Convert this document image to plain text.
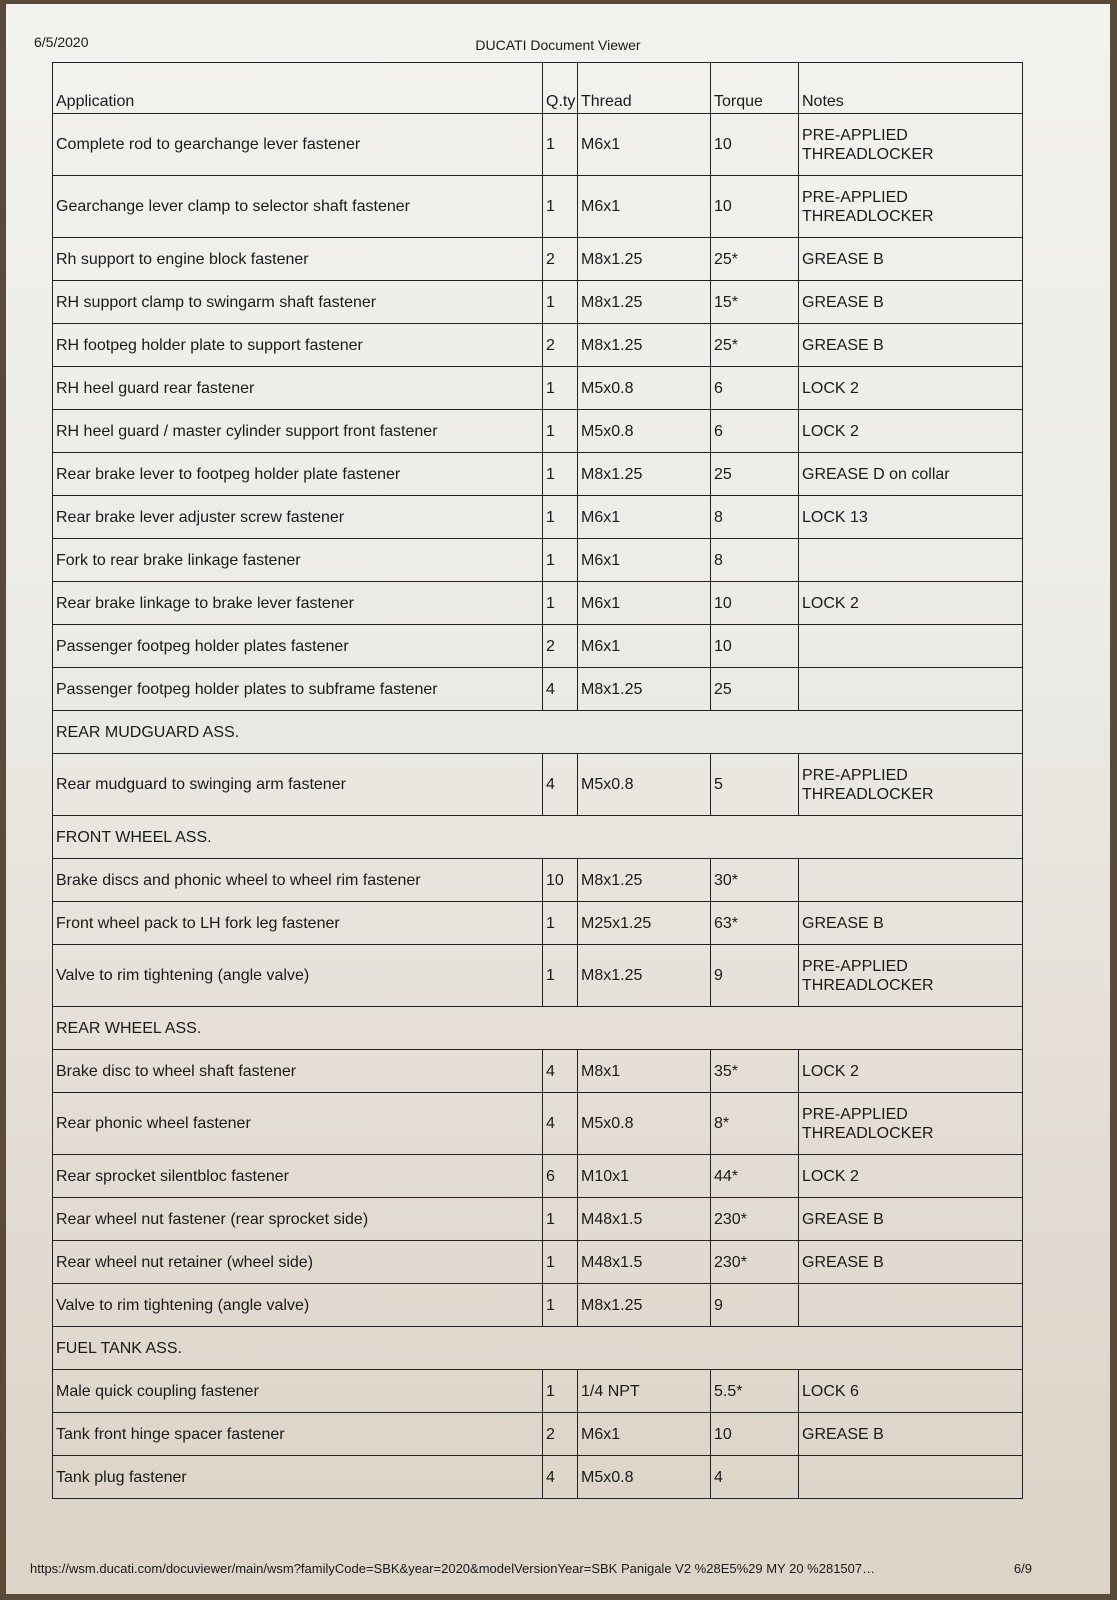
6/5/2020	DUCATI Document Viewer
Application	Q.ty	Thread	Torque	Notes
Complete rod to gearchange lever fastener	1	M6x1	10	PRE-APPLIED THREADLOCKER
Gearchange lever clamp to selector shaft fastener	1	M6x1	10	PRE-APPLIED THREADLOCKER
Rh support to engine block fastener	2	M8x1.25	25*	GREASE B
RH support clamp to swingarm shaft fastener	1	M8x1.25	15*	GREASE B
RH footpeg holder plate to support fastener	2	M8x1.25	25*	GREASE B
RH heel guard rear fastener	1	M5x0.8	6	LOCK 2
RH heel guard / master cylinder support front fastener	1	M5x0.8	6	LOCK 2
Rear brake lever to footpeg holder plate fastener	1	M8x1.25	25	GREASE D on collar
Rear brake lever adjuster screw fastener	1	M6x1	8	LOCK 13
Fork to rear brake linkage fastener	1	M6x1	8	
Rear brake linkage to brake lever fastener	1	M6x1	10	LOCK 2
Passenger footpeg holder plates fastener	2	M6x1	10	
Passenger footpeg holder plates to subframe fastener	4	M8x1.25	25	
REAR MUDGUARD ASS.				
Rear mudguard to swinging arm fastener	4	M5x0.8	5	PRE-APPLIED THREADLOCKER
FRONT WHEEL ASS.				
Brake discs and phonic wheel to wheel rim fastener	10	M8x1.25	30*	
Front wheel pack to LH fork leg fastener	1	M25x1.25	63*	GREASE B
Valve to rim tightening (angle valve)	1	M8x1.25	9	PRE-APPLIED THREADLOCKER
REAR WHEEL ASS.				
Brake disc to wheel shaft fastener	4	M8x1	35*	LOCK 2
Rear phonic wheel fastener	4	M5x0.8	8*	PRE-APPLIED THREADLOCKER
Rear sprocket silentbloc fastener	6	M10x1	44*	LOCK 2
Rear wheel nut fastener (rear sprocket side)	1	M48x1.5	230*	GREASE B
Rear wheel nut retainer (wheel side)	1	M48x1.5	230*	GREASE B
Valve to rim tightening (angle valve)	1	M8x1.25	9	
FUEL TANK ASS.				
Male quick coupling fastener	1	1/4 NPT	5.5*	LOCK 6
Tank front hinge spacer fastener	2	M6x1	10	GREASE B
Tank plug fastener	4	M5x0.8	4	
https://wsm.ducati.com/docuviewer/main/wsm?familyCode=SBK&year=2020&modelVersionYear=SBK Panigale V2 %28E5%29 MY 20 %281507…	6/9
